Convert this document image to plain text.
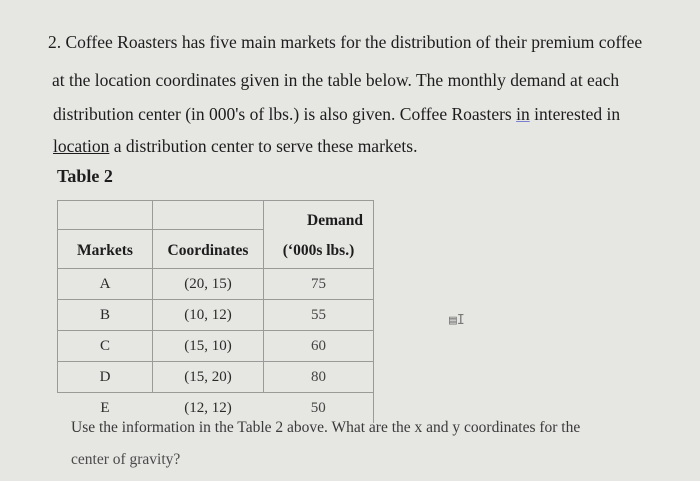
2. Coffee Roasters has five main markets for the distribution of their premium coffee
at the location coordinates given in the table below. The monthly demand at each
distribution center (in 000's of lbs.) is also given. Coffee Roasters in interested in
location a distribution center to serve these markets.
Table 2
		Demand
Markets	Coordinates	(‘000s lbs.)
A	(20, 15)	75
B	(10, 12)	55
C	(15, 10)	60
D	(15, 20)	80
E	(12, 12)	50
▤I
Use the information in the Table 2 above. What are the x and y coordinates for the
center of gravity?
